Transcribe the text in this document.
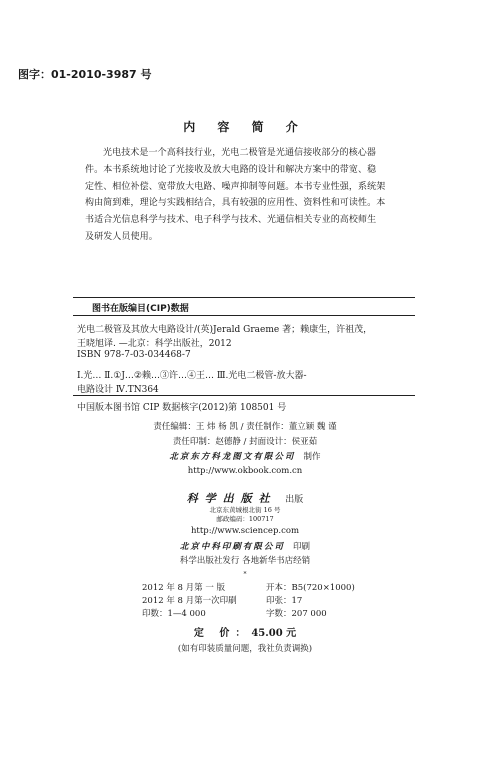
图字：01-2010-3987 号
内 容 简 介
光电技术是一个高科技行业，光电二极管是光通信接收部分的核心器
件。本书系统地讨论了光接收及放大电路的设计和解决方案中的带宽、稳
定性、相位补偿、宽带放大电路、噪声抑制等问题。本书专业性强，系统架
构由简到难，理论与实践相结合，具有较强的应用性、资料性和可读性。本
书适合光信息科学与技术、电子科学与技术、光通信相关专业的高校师生
及研发人员使用。
图书在版编目(CIP)数据
光电二极管及其放大电路设计/(英)Jerald Graeme 著；赖康生，许祖茂，
王晓旭译. —北京：科学出版社，2012
ISBN 978-7-03-034468-7
Ⅰ.光… Ⅱ.①J…②赖…③许…④王… Ⅲ.光电二极管-放大器-
电路设计 Ⅳ.TN364
中国版本图书馆 CIP 数据核字(2012)第 108501 号
责任编辑：王 炜 杨 凯 / 责任制作：董立颖 魏 谨
责任印制：赵德静 / 封面设计：侯亚茹
北京东方科龙图文有限公司 制作
http://www.okbook.com.cn
科学出版社 出版
北京东黄城根北街 16 号
邮政编码：100717
http://www.sciencep.com
北京中科印刷有限公司 印刷
科学出版社发行 各地新华书店经销
*
2012 年 8 月第 一 版	开本：B5(720×1000)
2012 年 8 月第一次印刷	印张：17
印数：1—4 000	字数：207 000
定 价：45.00 元
(如有印装质量问题，我社负责调换)
